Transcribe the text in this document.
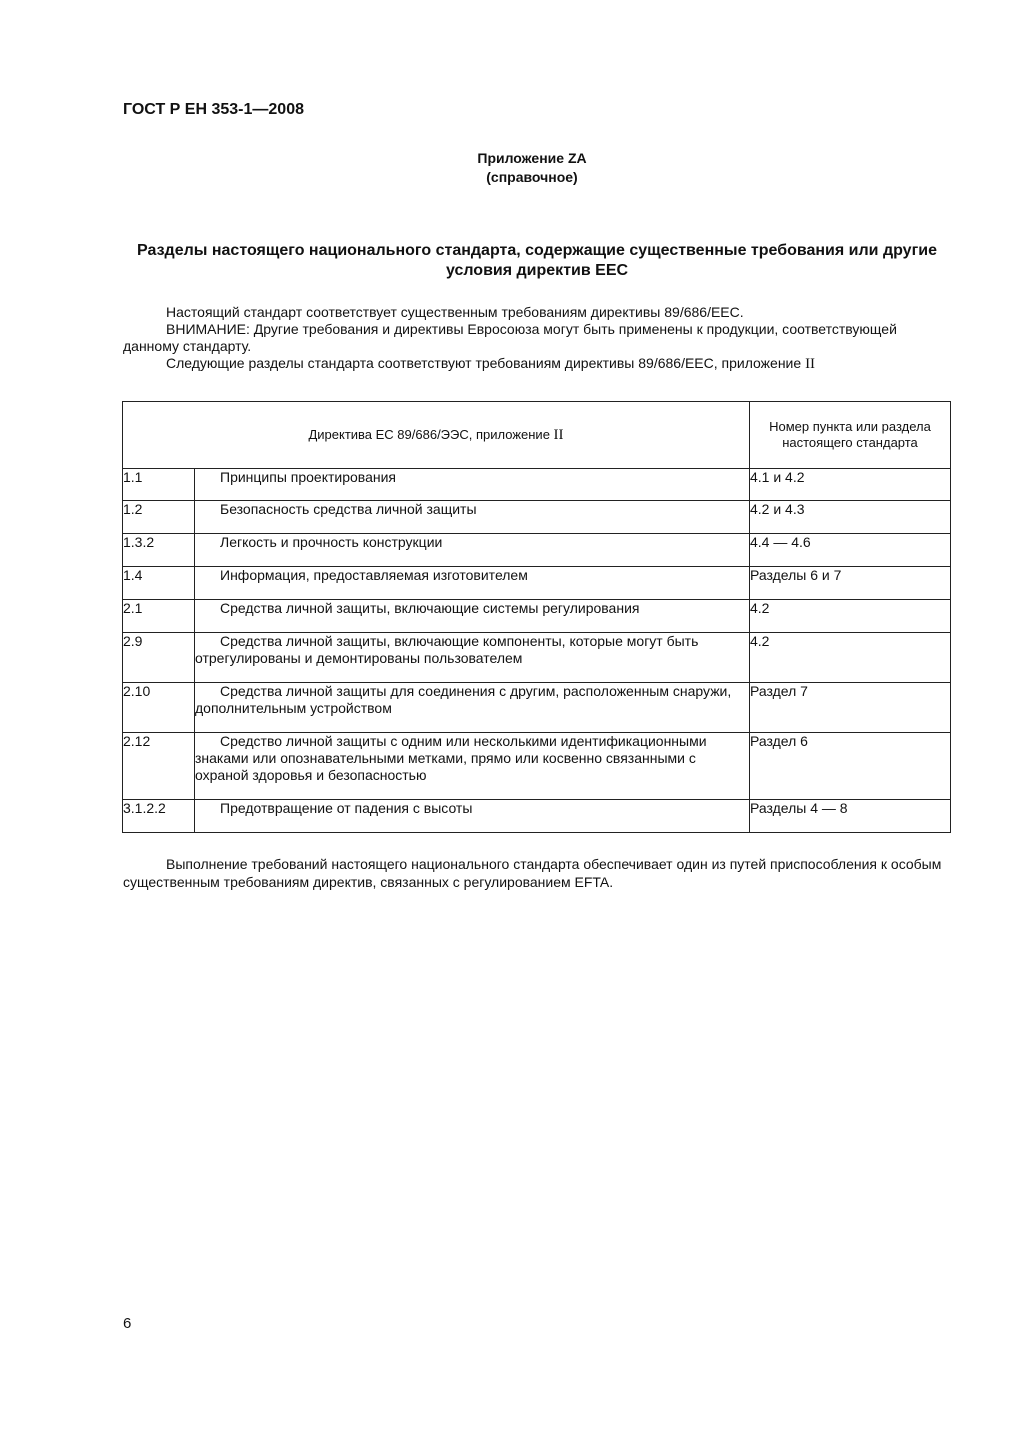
ГОСТ Р ЕН 353-1—2008
Приложение ZA
(справочное)
Разделы настоящего национального стандарта, содержащие существенные требования или другие условия директив EEC

Настоящий стандарт соответствует существенным требованиям директивы 89/686/EEC.

ВНИМАНИЕ: Другие требования и директивы Евросоюза могут быть применены к продукции, соответствующей данному стандарту.

Следующие разделы стандарта соответствуют требованиям директивы 89/686/EEC, приложение II

Директива ЕС 89/686/ЭЭС, приложение II		Номер пункта или раздела настоящего стандарта
1.1	Принципы проектирования	4.1 и 4.2
1.2	Безопасность средства личной защиты	4.2 и 4.3
1.3.2	Легкость и прочность конструкции	4.4 — 4.6
1.4	Информация, предоставляемая изготовителем	Разделы 6 и 7
2.1	Средства личной защиты, включающие системы регулирования	4.2
2.9	Средства личной защиты, включающие компоненты, которые могут быть отрегулированы и демонтированы пользователем	4.2
2.10	Средства личной защиты для соединения с другим, расположенным снаружи, дополнительным устройством	Раздел 7
2.12	Средство личной защиты с одним или несколькими идентификационными знаками или опознавательными метками, прямо или косвенно связанными с охраной здоровья и безопасностью	Раздел 6
3.1.2.2	Предотвращение от падения с высоты	Разделы 4 — 8

Выполнение требований настоящего национального стандарта обеспечивает один из путей приспособления к особым существенным требованиям директив, связанных с регулированием EFTA.

6
